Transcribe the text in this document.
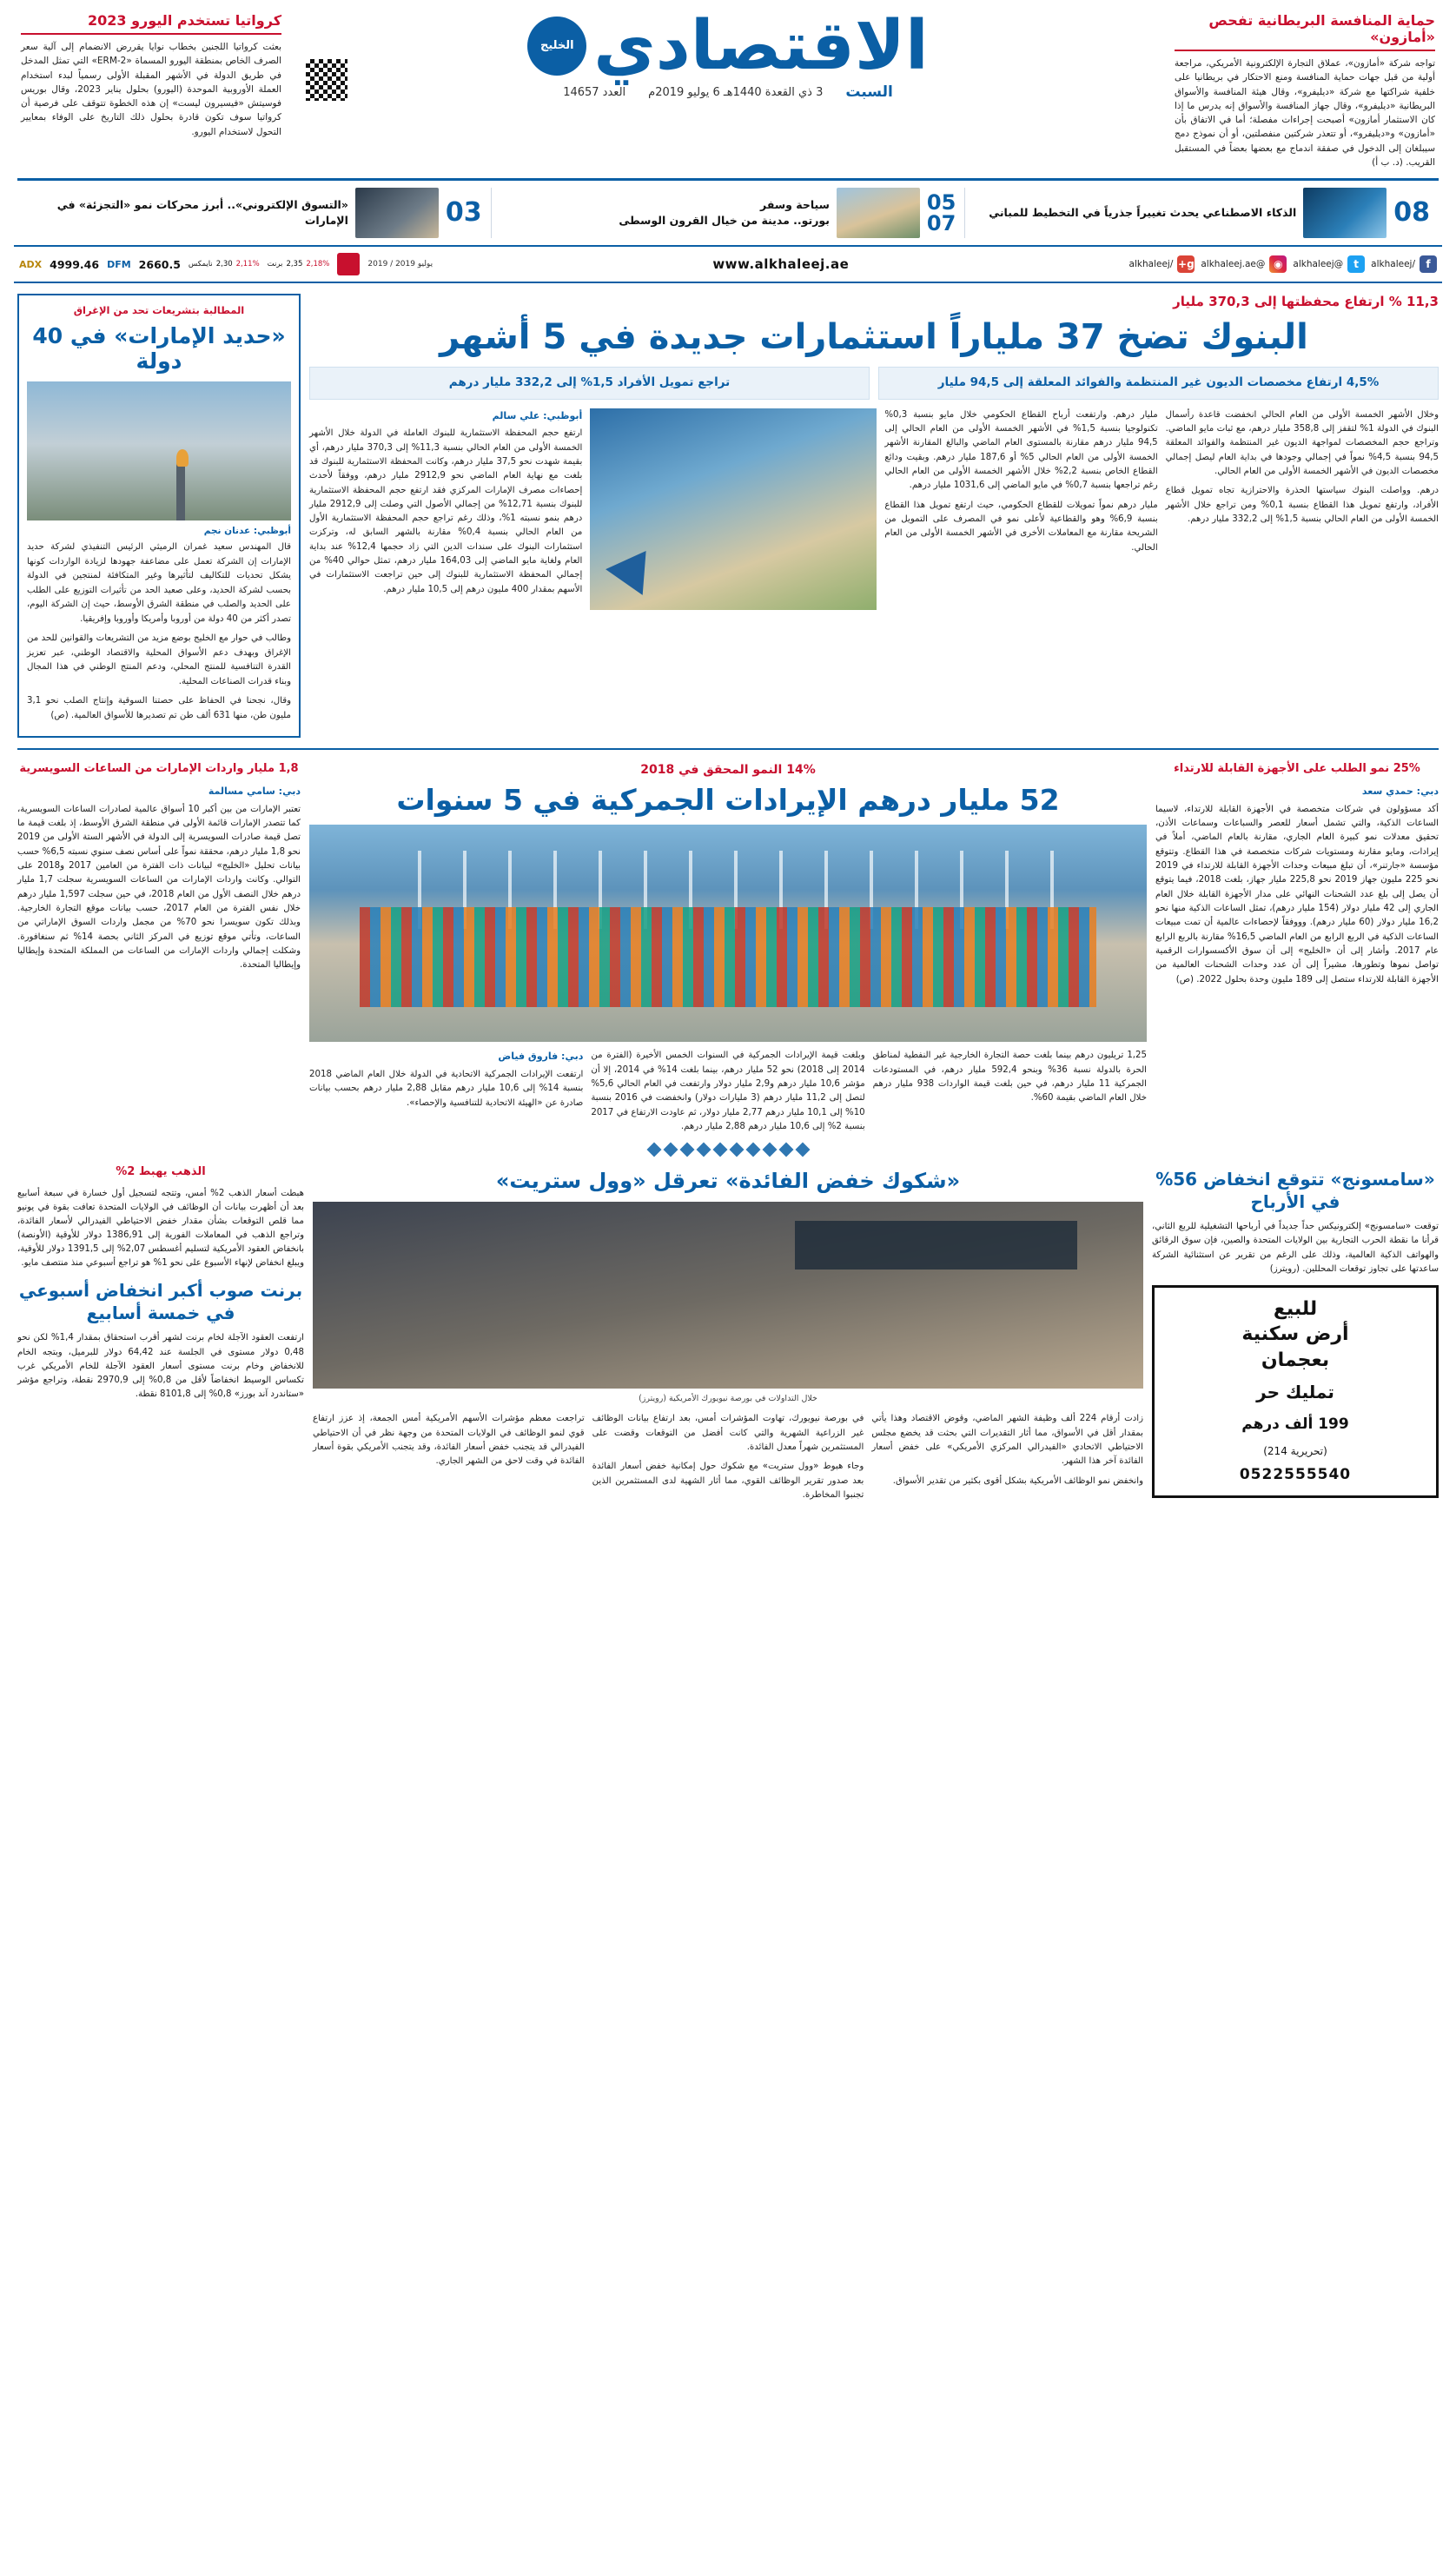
حماية المنافسة البريطانية تفحص «أمازون»

تواجه شركة «أمازون»، عملاق التجارة الإلكترونية الأمريكي، مراجعة أولية من قبل جهات حماية المنافسة ومنع الاحتكار في بريطانيا على خلفية شراكتها مع شركة «ديليفرو»، وقال هيئة المنافسة والأسواق البريطانية «ديليفرو»، وقال جهاز المنافسة والأسواق إنه يدرس ما إذا كان الاستثمار أمازون» أصبحت إجراءات مفصلة؛ أما في الاتفاق بأن «أمازون» و«ديليفرو»، أو تتعذر شركتين منفصلتين، أو أن نموذج دمج سيبلغان إلى الدخول في صفقة اندماج مع بعضها بعضاً في المستقبل القريب. (د. ب أ)

الاقتصادي
الخليج
السبت
3 ذي القعدة 1440هـ 6 يوليو 2019م
العدد 14657
كرواتيا تستخدم اليورو 2023

بعثت كرواتيا اللجنين بخطاب نوايا يقررض الانضمام إلى آلية سعر الصرف الخاص بمنطقة اليورو المسماة «ERM-2» التي تمثل المدخل في طريق الدولة في الأشهر المقبلة الأولى رسمياً لبدء استخدام العملة الأوروبية الموحدة (اليورو) بحلول يناير 2023، وقال بوريس فوسيتش «فيسيرون ليست» إن هذه الخطوة تتوقف على فرصية أن كرواتيا سوف تكون قادرة بحلول ذلك التاريخ على الوفاء بمعايير التحول لاستخدام اليورو.

08
الذكاء الاصطناعي يحدث تغييراً جذرياً في التخطيط للمباني
05
07
سياحة وسفر
بورتو.. مدينة من خيال القرون الوسطى
03
«التسوق الإلكتروني».. أبرز محركات نمو «التجزئة» في الإمارات
f
/alkhaleej
t
@alkhaleej
◉
@alkhaleej.ae
g+
/alkhaleej
www.alkhaleej.ae
يوليو 2019 / 2019
2,18%
2,35
برنت
2,11%
2,30
نايمكس
2660.5
DFM
4999.46
ADX
11,3 % ارتفاع محفظتها إلى 370,3 مليار
البنوك تضخ 37 ملياراً استثمارات جديدة في 5 أشهر
4,5% ارتفاع مخصصات الديون غير المنتظمة والفوائد المعلقة إلى 94,5 مليار
تراجع تمويل الأفراد 1,5% إلى 332,2 مليار درهم
وخلال الأشهر الخمسة الأولى من العام الحالي انخفضت قاعدة رأسمال البنوك في الدولة 1% لتقفز إلى 358,8 مليار درهم، مع ثبات مايو الماضي. وتراجع حجم المخصصات لمواجهة الديون غير المنتظمة والفوائد المعلقة 94,5 بنسبة 4,5% نمواً في إجمالي وجودها في بداية العام ليصل إجمالي مخصصات الديون في الأشهر الخمسة الأولى من العام الحالي.
درهم. وواصلت البنوك سياستها الحذرة والاحترازية تجاه تمويل قطاع الأفراد، وارتفع تمويل هذا القطاع بنسبة 0,1% ومن تراجع خلال الأشهر الخمسة الأولى من العام الحالي بنسبة 1,5% إلى 332,2 مليار درهم.
مليار درهم. وارتفعت أرباح القطاع الحكومي خلال مايو بنسبة 0,3% تكنولوجيا بنسبة 1,5% في الأشهر الخمسة الأولى من العام الحالي إلى 94,5 مليار درهم مقارنة بالمستوى العام الماضي والبالغ المقارنة الأشهر الخمسة الأولى من العام الحالي 5% أو 187,6 مليار درهم. وبقيت ودائع القطاع الخاص بنسبة 2,2% خلال الأشهر الخمسة الأولى من العام الحالي رغم تراجعها بنسبة 0,7% في مايو الماضي إلى 1031,6 مليار درهم.
مليار درهم نمواً تمويلات للقطاع الحكومي، حيث ارتفع تمويل هذا القطاع بنسبة 6,9% وهو والقطاعية لأعلى نمو في المصرف على التمويل من الشريحة مقارنة مع المعاملات الأخرى في الأشهر الخمسة الأولى من العام الحالي.
أبوظبي: علي سالم
ارتفع حجم المحفظة الاستثمارية للبنوك العاملة في الدولة خلال الأشهر الخمسة الأولى من العام الحالي بنسبة 11,3% إلى 370,3 مليار درهم، أي بقيمة شهدت نحو 37,5 مليار درهم، وكانت المحفظة الاستثمارية للبنوك قد بلغت مع نهاية العام الماضي نحو 2912,9 مليار درهم، ووفقاً لأحدث إحصاءات مصرف الإمارات المركزي فقد ارتفع حجم المحفظة الاستثمارية للبنوك بنسبة 12,71% من إجمالي الأصول التي وصلت إلى 2912,9 مليار درهم بنمو نسبته 1%، وذلك رغم تراجع حجم المحفظة الاستثمارية الأول من العام الحالي بنسبة 0,4% مقارنة بالشهر السابق له، وتركزت استثمارات البنوك على سندات الدين التي زاد حجمها 12,4% عند بداية العام ولغاية مايو الماضي إلى 164,03 مليار درهم، تمثل حوالي 40% من إجمالي المحفظة الاستثمارية للبنوك إلى حين تراجعت الاستثمارات في الأسهم بمقدار 400 مليون درهم إلى 10,5 مليار درهم.
المطالبة بتشريعات تحد من الإغراق
«حديد الإمارات» في 40 دولة
أبوظبي: عدنان نجم

قال المهندس سعيد غمران الرميثي الرئيس التنفيذي لشركة حديد الإمارات إن الشركة تعمل على مضاعفة جهودها لزيادة الواردات كونها يشكل تحديات للتكاليف لتأثيرها وغير المتكافئة لمنتجين في الدولة بحسب لشركة الحديد، وعلى صعيد الحد من تأثيرات التوزيع على الطلب على الحديد والصلب في منطقة الشرق الأوسط، حيث إن الشركة اليوم، تصدر أكثر من 40 دولة من أوروبا وأمريكا وأوروبا وإفريقيا.

وطالب في حوار مع الخليج بوضع مزيد من التشريعات والقوانين للحد من الإغراق وبهدف دعم الأسواق المحلية والاقتصاد الوطني، عبر تعزيز القدرة التنافسية للمنتج المحلي، ودعم المنتج الوطني في هذا المجال وبناء قدرات الصناعات المحلية.

وقال، نجحنا في الحفاظ على حصتنا السوقية وإنتاج الصلب نحو 3,1 مليون طن، منها 631 ألف طن تم تصديرها للأسواق العالمية. (ص)

25% نمو الطلب على الأجهزة القابلة للارتداء
دبي: حمدي سعد
أكد مسؤولون في شركات متخصصة في الأجهزة القابلة للارتداء، لاسيما الساعات الذكية، والتي تشمل أسعار للعصر والسباعات وسماعات الأذن، تحقيق معدلات نمو كبيرة العام الجاري، مقارنة بالعام الماضي، أملاً في إيرادات، ومايو مقارنة ومستويات شركات متخصصة في هذا القطاع. وتتوقع مؤسسة «جارتنر»، أن تبلغ مبيعات وحدات الأجهزة القابلة للارتداء في 2019 نحو 225 مليون جهاز 2019 نحو 225,8 مليار جهاز، بلغت 2018، فيما يتوقع أن يصل إلى بلغ عدد الشحنات النهائي على مدار الأجهزة القابلة خلال العام الجاري إلى 42 مليار دولار (154 مليار درهم)، تمثل الساعات الذكية منها نحو 16,2 مليار دولار (60 مليار درهم). وووفقاً لإحصاءات عالمية أن تمت مبيعات الساعات الذكية في الربع الرابع من العام الماضي 16,5% مقارنة بالربع الرابع عام 2017. وأشار إلى أن «الخليج» إلى أن سوق الأكسسوارات الرقمية تواصل نموها وتطورها، مشيراً إلى أن عدد وحدات الشحنات العالمية من الأجهزة القابلة للارتداء ستصل إلى 189 مليون وحدة بحلول 2022. (ص)
14% النمو المحقق في 2018
52 مليار درهم الإيرادات الجمركية في 5 سنوات
1,25 تريليون درهم بينما بلغت حصة التجارة الخارجية غير النفطية لمناطق الحرة بالدولة نسبة 36% وبنحو 592,4 مليار درهم، في المستودعات الجمركية 11 مليار درهم، في حين بلغت قيمة الواردات 938 مليار درهم خلال العام الماضي بقيمة 60%.
وبلغت قيمة الإيرادات الجمركية في السنوات الخمس الأخيرة (الفترة من 2014 إلى 2018) نحو 52 مليار درهم، بينما بلغت 14% في 2014، إلا أن مؤشر 10,6 مليار درهم و2,9 مليار دولار وارتفعت في العام الحالي 5,6% لتصل إلى 11,2 مليار درهم (3 مليارات دولار) وانخفضت في 2016 بنسبة 10% إلى 10,1 مليار درهم 2,77 مليار دولار، ثم عاودت الارتفاع في 2017 بنسبة 2% إلى 10,6 مليار درهم 2,88 مليار درهم.
دبي: فاروق فياض
ارتفعت الإيرادات الجمركية الاتحادية في الدولة خلال العام الماضي 2018 بنسبة 14% إلى 10,6 مليار درهم مقابل 2,88 مليار درهم بحسب بيانات صادرة عن «الهيئة الاتحادية للتنافسية والإحصاء».
1,8 مليار واردات الإمارات من الساعات السويسرية
دبي: سامي مسالمة
تعتبر الإمارات من بين أكبر 10 أسواق عالمية لصادرات الساعات السويسرية، كما تتصدر الإمارات قائمة الأولى في منطقة الشرق الأوسط، إذ بلغت قيمة ما تصل قيمة صادرات السويسرية إلى الدولة في الأشهر الستة الأولى من 2019 نحو 1,8 مليار درهم، محققة نمواً على أساس نصف سنوي نسبته 6,5% حسب بيانات تحليل «الخليج» لبيانات ذات الفترة من العامين 2017 و2018 على التوالي. وكانت واردات الإمارات من الساعات السويسرية سجلت 1,7 مليار درهم خلال النصف الأول من العام 2018، في حين سجلت 1,597 مليار درهم خلال نفس الفترة من العام 2017، حسب بيانات موقع التجارة الخارجية. وبذلك تكون سويسرا نحو 70% من مجمل واردات السوق الإماراتي من الساعات، وتأتي موقع توزيع في المركز الثاني بحصة 14% ثم سنغافورة. وشكلت إجمالي واردات الإمارات من الساعات من المملكة المتحدة وإيطاليا وإيطاليا المتحدة.
«سامسونج» تتوقع انخفاض 56% في الأرباح
توقعت «سامسونج» إلكترونيكس حداً جديداً في أرباحها التشغيلية للربع الثاني، قرأنا ما نقطة الحرب التجارية بين الولايات المتحدة والصين، فإن سوق الرقائق والهواتف الذكية العالمية، وذلك على الرغم من تقرير عن استثنائية الشركة ساعدتها على تجاوز توقعات المحللين. (رويترز)
للبيع
أرض سكنية
بعجمان
تمليك حر
199 ألف درهم
(تحريرية 214)
0522555540
«شكوك خفض الفائدة» تعرقل «وول ستريت»
خلال التداولات في بورصة نيويورك الأمريكية (رويترز)
زادت أرقام 224 ألف وظيفة الشهر الماضي، وقوض الاقتصاد وهذا يأتي بمقدار أقل في الأسواق، مما أثار التقديرات التي بحثت قد يخضع مجلس الاحتياطي الاتحادي «الفيدرالي المركزي الأمريكي» على خفض أسعار الفائدة آخر هذا الشهر.
وانخفض نمو الوظائف الأمريكية بشكل أقوى بكثير من تقدير الأسواق.
في بورصة نيويورك، تهاوت المؤشرات أمس، بعد ارتفاع بيانات الوظائف غير الزراعية الشهرية والتي كانت أفضل من التوقعات وقضت على المستثمرين شهراً معدل الفائدة.
وجاء هبوط «وول ستريت» مع شكوك حول إمكانية خفض أسعار الفائدة بعد صدور تقرير الوظائف القوي، مما أثار الشهية لدى المستثمرين الذين تجنبوا المخاطرة.
تراجعت معظم مؤشرات الأسهم الأمريكية أمس الجمعة، إذ عزز ارتفاع قوي لنمو الوظائف في الولايات المتحدة من وجهة نظر في أن الاحتياطي الفيدرالي قد يتجنب خفض أسعار الفائدة، وقد يتجنب الأمريكي بقوة أسعار الفائدة في وقت لاحق من الشهر الجاري.
الذهب يهبط 2%
هبطت أسعار الذهب 2% أمس، وتتجه لتسجيل أول خسارة في سبعة أسابيع بعد أن أظهرت بيانات أن الوظائف في الولايات المتحدة تعافت بقوة في يونيو مما قلص التوقعات بشأن مقدار خفض الاحتياطي الفيدرالي لأسعار الفائدة، وتراجع الذهب في المعاملات الفورية إلى 1386,91 دولار للأوقية (الأونصة) بانخفاض العقود الأمريكية لتسليم أغسطس 2,07% إلى 1391,5 دولار للأوقية، ويبلغ انخفاض لإنهاء الأسبوع على نحو 1% هو تراجع أسبوعي منذ منتصف مايو.
برنت صوب أكبر انخفاض أسبوعي في خمسة أسابيع
ارتفعت العقود الآجلة لخام برنت لشهر أقرب استحقاق بمقدار 1,4% لكن نحو 0,48 دولار مستوى في الجلسة عند 64,42 دولار للبرميل، وبتجه الخام للانخفاض وخام برنت مستوى أسعار العقود الآجلة للخام الأمريكي غرب تكساس الوسيط انخفاضاً لأقل من 0,8% إلى 2970,9 نقطة، وتراجع مؤشر «ستاندرد آند بورز» 0,8% إلى 8101,8 نقطة.
